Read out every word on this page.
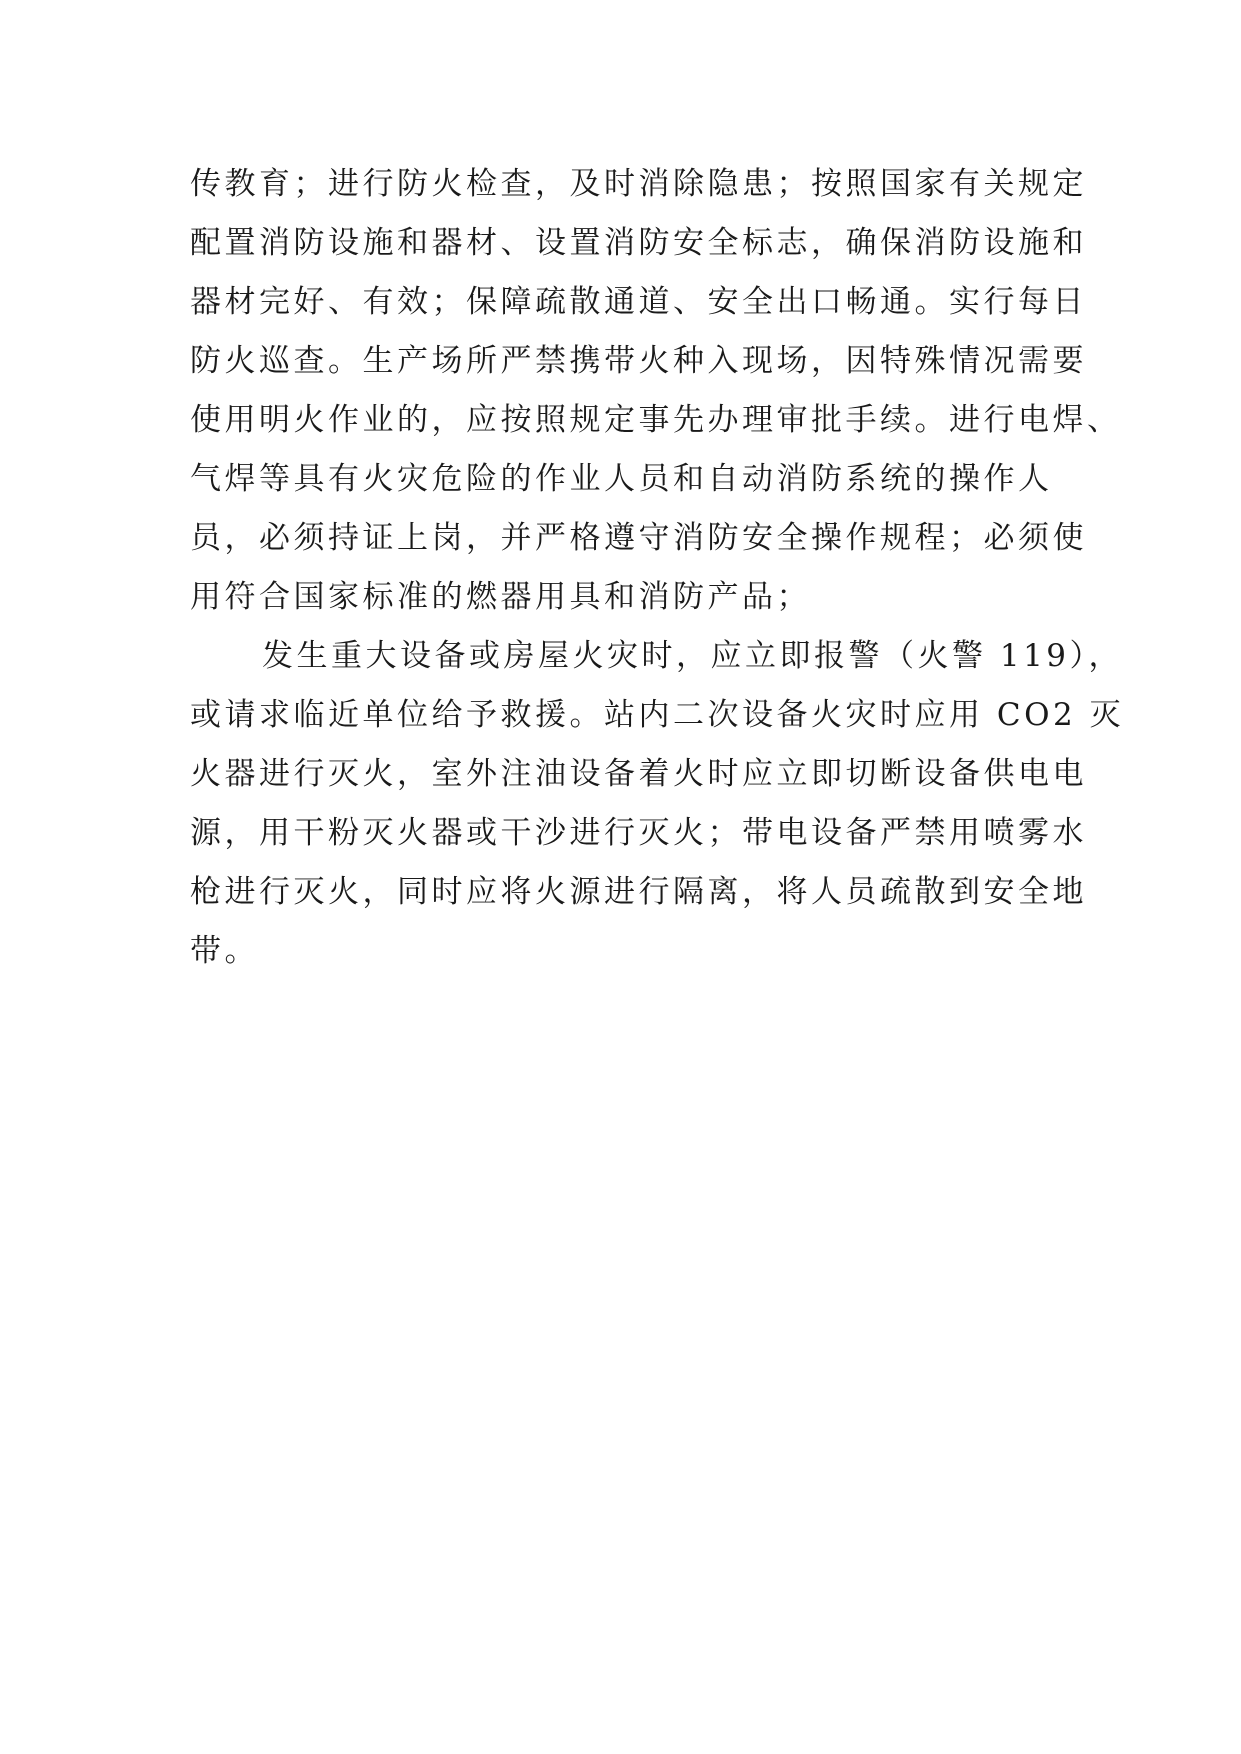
传教育；进行防火检查，及时消除隐患；按照国家有关规定
配置消防设施和器材、设置消防安全标志，确保消防设施和
器材完好、有效；保障疏散通道、安全出口畅通。实行每日
防火巡查。生产场所严禁携带火种入现场，因特殊情况需要
使用明火作业的，应按照规定事先办理审批手续。进行电焊、
气焊等具有火灾危险的作业人员和自动消防系统的操作人
员，必须持证上岗，并严格遵守消防安全操作规程；必须使
用符合国家标准的燃器用具和消防产品；
发生重大设备或房屋火灾时，应立即报警（火警 119），
或请求临近单位给予救援。站内二次设备火灾时应用 CO2 灭
火器进行灭火，室外注油设备着火时应立即切断设备供电电
源，用干粉灭火器或干沙进行灭火；带电设备严禁用喷雾水
枪进行灭火，同时应将火源进行隔离，将人员疏散到安全地
带。
